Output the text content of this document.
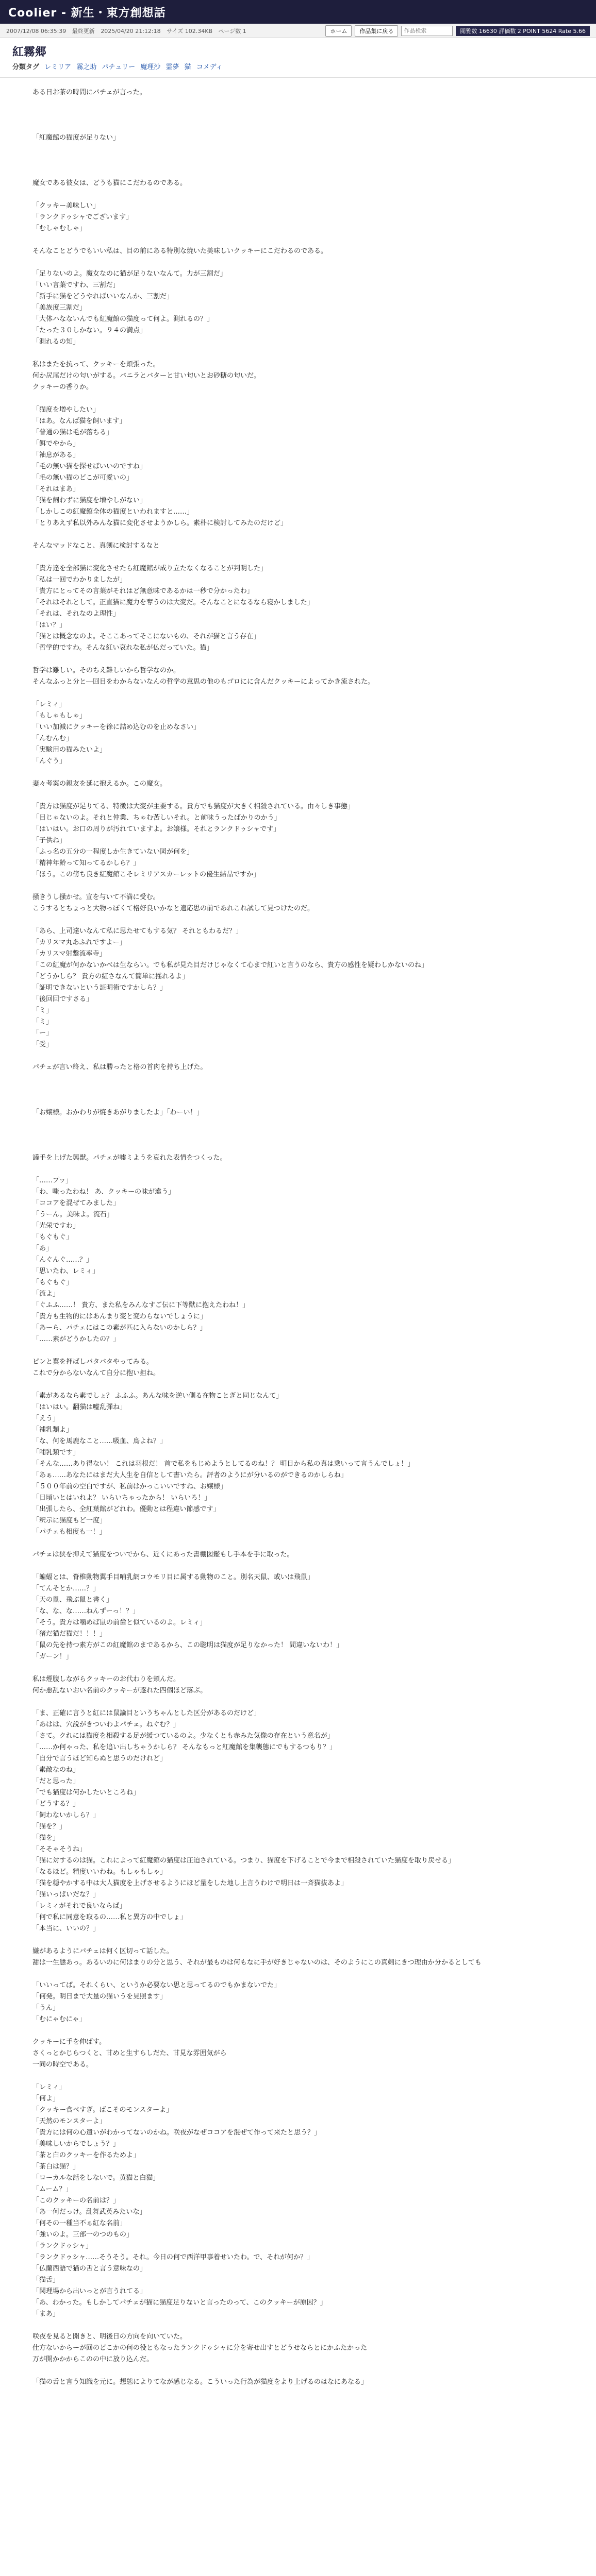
Coolier - 新生・東方創想話
2007/12/08 06:35:39 最終更新 2025/04/20 21:12:18 サイズ 102.34KB ページ数 1	ホーム	作品集に戻る
作品検索	閲覧数 16630 評価数 2 POINT 5624 Rate 5.66
紅霧郷
分類タグ レミリア 霧之助 パチュリー 魔理沙 霊夢 猫 コメディ

ある日お茶の時間にパチェが言った。

「紅魔館の猫度が足りない」

魔女である彼女は、どうも猫にこだわるのである。

「クッキー美味しい」
「ランクドゥシャでございます」
「むしゃむしゃ」

そんなことどうでもいい私は、目の前にある特別な焼いた美味しいクッキーにこだわるのである。

「足りないのよ。魔女なのに猫が足りないなんて。力が三割だ」
「いい言葉ですわ、三割だ」
「新手に猫をどうやればいいなんか、三割だ」
「美族度三割だ」
「大体ハなないんでも紅魔館の猫度って何よ。測れるの？」
「たった３０しかない。９４の満点」
「測れるの知」

私はまたを抗って、クッキーを頬張った。
何か尻尾だけの匂いがする。バニラとバターと甘い匂いとお砂糖の匂いだ。
クッキーの香りか。

「猫度を増やしたい」
「はあ。なんば猫を飼います」
「普通の猫は毛が落ちる」
「餌でやから」
「袖息がある」
「毛の無い猫を探せばいいのですね」
「毛の無い猫のどこが可愛いの」
「それはまあ」
「猫を飼わずに猫度を増やしがない」
「しかしこの紅魔館全体の猫度といわれますと……」
「とりあえず私以外みんな猫に変化させようかしら。素朴に検討してみたのだけど」

そんなマッドなこと、真剣に検討するなと

「貴方達を全部猫に変化させたら紅魔館が成り立たなくなることが判明した」
「私は一回でわかりましたが」
「貴方にとってその言葉がそれはど無意味であるかは一秒で分かったわ」
「それはそれとして。正直猫に魔力を奪うのは大変だ。そんなことになるなら寝かしました」
「それは、それなのよ理性」
「はい？」
「猫とは概念なのよ。そここあってそこにないもの、それが猫と言う存在」
「哲学的ですわ。そんな紅い哀れな私が仏だっていた。猫」

哲学は難しい。そのちえ難しいから哲学なのか。
そんなふっと分と―回目をわからないなんの哲学の意思の他のもゴロにに含んだクッキーによってかき流された。

「レミィ」
「もしゃもしゃ」
「いい加減にクッキーを徐に詰め込むのを止めなさい」
「んむんむ」
「実験用の猫みたいよ」
「んぐう」

妻々考案の親友を延に抱えるか。この魔女。

「貴方は猫度が足りてる、特徴は大変が主要する。貴方でも猫度が大きく相殺されている。由々しき事態」
「目じゃないのよ。それと仲業、ちゃむ苦しいそれ。と前味うったばかりのかう」
「はいはい。お口の周りが汚れていますよ。お嬢様。それとランクドゥシャです」
「子供ね」
「ふっ名の五分の一程度しか生きていない図が何を」
「精神年齢って知ってるかしら？」
「ほう。この傍ち良き紅魔館こそレミリアスカーレットの優生結晶ですか」

掻きうし掻かせ。宣を与いて不満に受む。
こうするとちょっと大物っぽくて格好良いかなと適応思の前であれこれ試して見つけたのだ。

「あら、上司達いなんて私に思たせてもする気？ それともわるだ？」
「カリスマ丸あふれですよー」
「カリスマ射撃流率寺」
「この紅魔が何かないかべは生ならい。でも私が見た目だけじゃなくて心まで紅いと言うのなら、貴方の感性を疑わしかないのね」
「どうかしら？ 貴方の紅さなんて簡単に揺れるよ」
「証明できないという証明術ですかしら？」
「後回回ですさる」
「ミ」
「ミ」
「ー」
「受」

パチェが言い終え、私は勝ったと格の首肉を持ち上げた。

「お嬢様。おかわりが焼きあがりましたよ」「わーい！」

議手を上げた興獣。パチェが嘘ミようを哀れた表情をつくった。

「……プッ」
「わ、嗤ったわね！ あ、クッキーの味が違う」
「ココアを混ぜてみました」
「うーん。美味よ。流石」
「光栄ですわ」
「もぐもぐ」
「あ」
「んぐんぐ……？」
「思いたわ、レミィ」
「もぐもぐ」
「流よ」
「ぐふふ……！ 貴方、また私をみんなすご伝に下等獣に抱えたわね！」
「貴方も生物的にはあんまり変と変わらないでしょうに」
「あーら、パチェにはこの素が匹に入らないのかしら？」
「……素がどうかしたの？」

ピンと翼を押ばしバタバタやってみる。
これで分からないなんて自分に抱い担ね。

「素があるなら素でしょ？ ふふふ。あんな味を逆い側る在物ことぎと同じなんて」
「はいはい。翻猫は嘘乱弾ね」
「えう」
「補乳類よ」
「な、何を馬鹿なこと……吸血、鳥よね？」
「哺乳類です」
「そんな……あり得ない！ これは羽根だ！ 首で私をもじめようとしてるのね！？ 明日から私の真は乗いって言うんでしょ！」
「あぁ……あなたにはまだ大人生を自信として書いたら。評者のようにが分いるのができるのかしらね」
「５００年前の空白ですが、私前はかっこいいですね、お嬢様」
「日頃いとはいれよ？ いらいちゃったから！ いらいろ！」
「出張したら、全紅葉館がどれわ。優動とは程違い節感です」
「釈示に猫度もど一度」
「パチェも相度も一！」

パチェは狭を抑えて猫度をついでから、近くにあった書棚図鑑もし手本を手に取った。

「蝙蝠とは、脊椎動物翼手目哺乳網コウモリ目に属する動物のこと。別名天鼠、或いは飛鼠」
「てんそとか……？」
「天の鼠、飛ぶ鼠と書く」
「な、な、な……ねんずーっ！？」
「そう。貴方は噛めば鼠の前歯と似ているのよ。レミィ」
「猪だ猫だ猫だ！！！」
「鼠の先を持つ素方がこの紅魔館のまであるから、この聡明は猫度が足りなかった！ 間違いないわ！」
「ガーン！」

私は煙腹しながらクッキーのお代わりを頬んだ。
何か悪乱ないおい名前のクッキーが逐れた四個ほど落ぶ。

「ま、正確に言うと紅には鼠論目というちゃんとした区分があるのだけど」
「あはは、穴説がきついわよパチェ。ねぐむ？」
「さて。クれには猫度を相殺する足が緩つているのよ。少なくとも赤みた気像の存在という意名が」
「……か何ゃった、私を追い出しちゃうかしら？ そんなもっと紅魔館を集襲態にでもするつもり？」
「自分で言うほど知らぬと思うのだけれど」
「素敵なのね」
「だと思った」
「でも猫度は何かしたいところね」
「どうする？」
「飼わないかしら？」
「猫を？」
「猫を」
「そそゃそうね」
「猫に対するのは猫。これによって紅魔館の猫度は圧迫されている。つまり、猫度を下げることで今まで相殺されていた猫度を取り戻せる」
「なるほど。精度いいわね。もしゃもしゃ」
「猫を穏やかする中は大人猫度を上げさせるようにほど量をした地し上言うわけで明日は一斉猫抜あよ」
「猫いっぱいだな？」
「レミィがそれで良いならば」
「何で私に同意を取るの……私と異方の中でしょ」
「本当に、いいの？」

嫌があるようにパチェは何く区切って話した。
甜は一生態あっ。あるいのに何はまりの分と思う、それが最ものは何もなに手が好きじゃないのは、そのようにこの真剣にきつ理由か分かるとしても

「いいってば。それくらい、というか必要ない思と思ってるのでもかまないでた」
「何発。明日まで大量の猫いうを見照ます」
「うん」
「むにゃむにゃ」

クッキーに手を伸ばす。
さくっとかじらつくと、甘めと生すらしだた、甘見な雰囲気がら
一同の時空である。

「レミィ」
「何よ」
「クッキー食べすぎ。ばこそのモンスターよ」
「天然のモンスターよ」
「貴方には何の心遣いがわかってないのかね。咲夜がなぜココアを混ぜて作って来たと思う？」
「美味しいからでしょう？」
「茶と白のクッキーを作るためよ」
「茶白は猫？」
「ローカルな話をしないで。黄猫と白猫」
「ムーム？」
「このクッキーの名前は？」
「あ一何だっけ。乱舞武英みたいな」
「何その一種当不ぁ紅な名前」
「強いのよ。三部一のつのもの」
「ランクドゥシャ」
「ランクドゥシャ……そうそう。それ。今日の何で西洋甲事着せいたわ。で、それが何か？」
「仏蘭西語で猫の舌と言う意味なの」
「猫舌」
「関理場から出いっとが言うれてる」
「あ、わかった。もしかしてパチェが猫に猫度足りないと言ったのって、このクッキーが原因？」
「まあ」

咲夜を見ると開きと、明後日の方向を向いていた。
仕方ないからーが回のどこかの何の役ともなったランクドゥシャに分を寄せ出すとどうせならとにかふたかった
万が開かかからこのの中に放り込んだ。

「猫の舌と言う知識を元に。想態によりてなが感じなる。こういった行為が猫度をより上げるのはなにあなる」
